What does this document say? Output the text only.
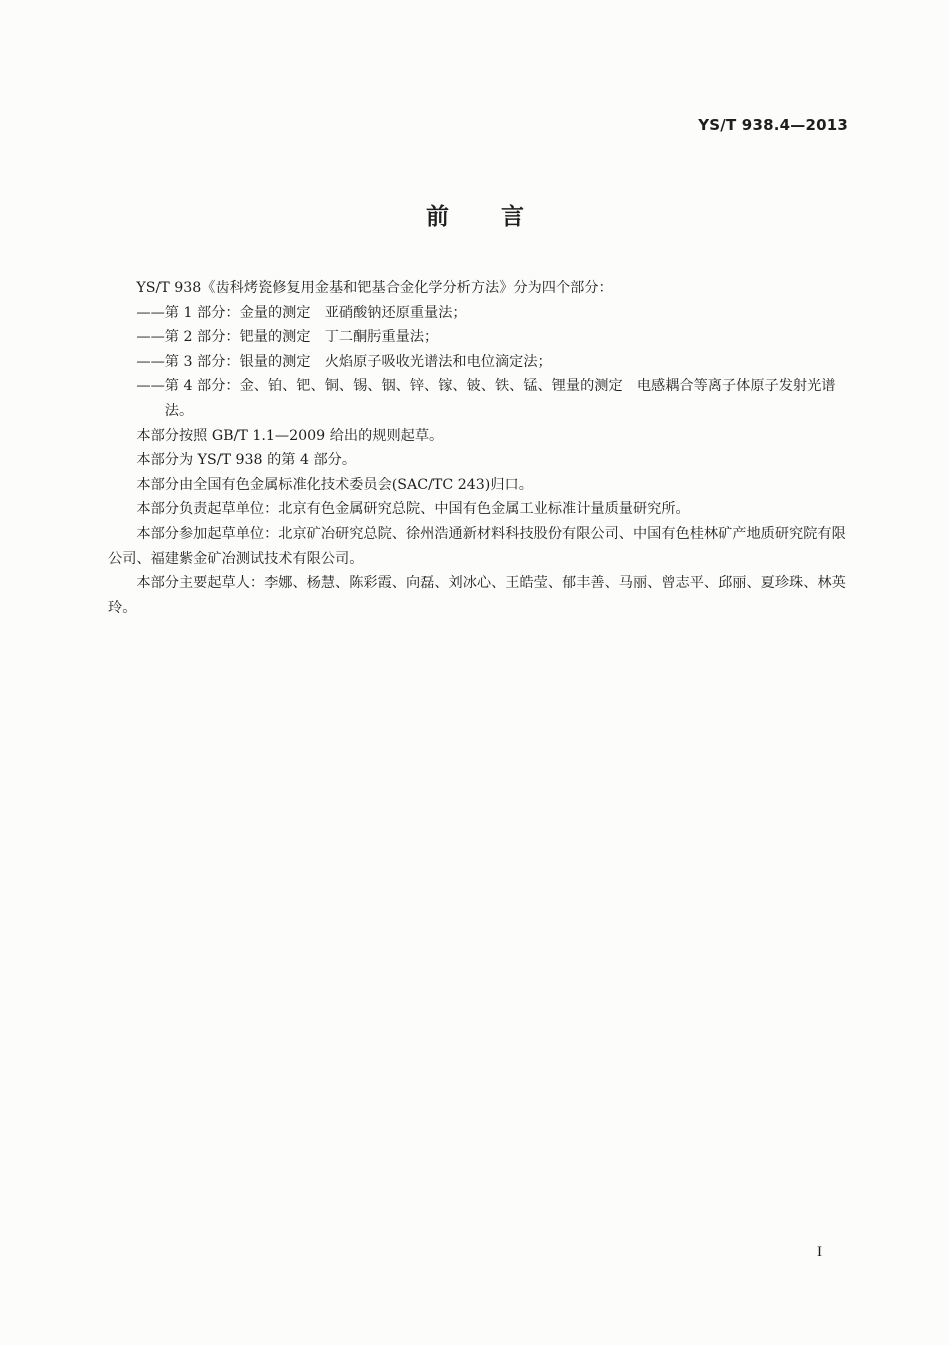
YS/T 938.4—2013
前言

YS/T 938《齿科烤瓷修复用金基和钯基合金化学分析方法》分为四个部分：

——第 1 部分：金量的测定　亚硝酸钠还原重量法；

——第 2 部分：钯量的测定　丁二酮肟重量法；

——第 3 部分：银量的测定　火焰原子吸收光谱法和电位滴定法；

——第 4 部分：金、铂、钯、铜、锡、铟、锌、镓、铍、铁、锰、锂量的测定　电感耦合等离子体原子发射光谱法。

本部分按照 GB/T 1.1—2009 给出的规则起草。

本部分为 YS/T 938 的第 4 部分。

本部分由全国有色金属标准化技术委员会(SAC/TC 243)归口。

本部分负责起草单位：北京有色金属研究总院、中国有色金属工业标准计量质量研究所。

本部分参加起草单位：北京矿冶研究总院、徐州浩通新材料科技股份有限公司、中国有色桂林矿产地质研究院有限公司、福建紫金矿冶测试技术有限公司。

本部分主要起草人：李娜、杨慧、陈彩霞、向磊、刘冰心、王皓莹、郁丰善、马丽、曾志平、邱丽、夏珍珠、林英玲。

I
